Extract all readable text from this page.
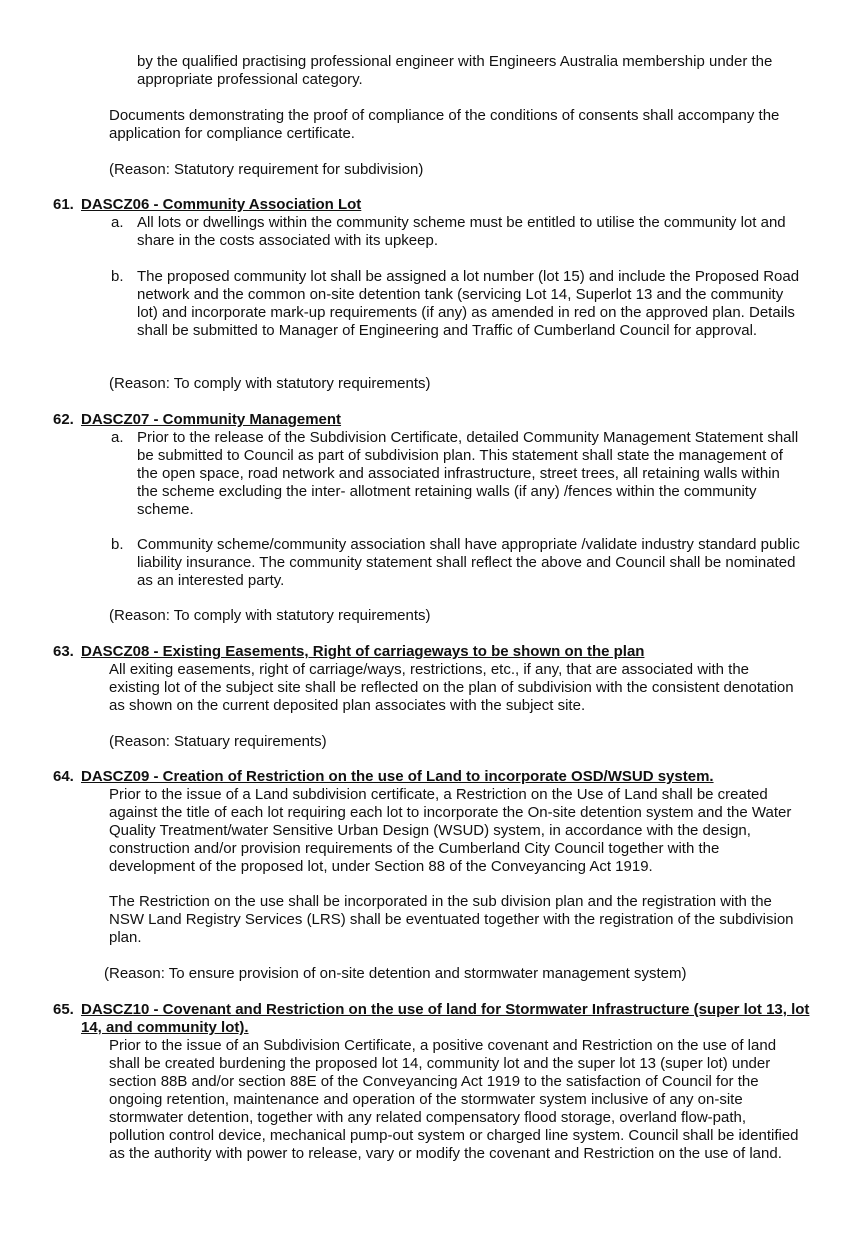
by the qualified practising professional engineer with Engineers Australia membership under the appropriate professional category.

Documents demonstrating the proof of compliance of the conditions of consents shall accompany the application for compliance certificate.

(Reason: Statutory requirement for subdivision)

61. DASCZ06 - Community Association Lot
a. All lots or dwellings within the community scheme must be entitled to utilise the community lot and share in the costs associated with its upkeep.

b. The proposed community lot shall be assigned a lot number (lot 15) and include the Proposed Road network and the common on-site detention tank (servicing Lot 14, Superlot 13 and the community lot) and incorporate mark-up requirements (if any) as amended in red on the approved plan. Details shall be submitted to Manager of Engineering and Traffic of Cumberland Council for approval.

(Reason: To comply with statutory requirements)

62. DASCZ07 - Community Management
a. Prior to the release of the Subdivision Certificate, detailed Community Management Statement shall be submitted to Council as part of subdivision plan. This statement shall state the management of the open space, road network and associated infrastructure, street trees, all retaining walls within the scheme excluding the inter- allotment retaining walls (if any) /fences within the community scheme.

b. Community scheme/community association shall have appropriate /validate industry standard public liability insurance. The community statement shall reflect the above and Council shall be nominated as an interested party.

(Reason: To comply with statutory requirements)

63. DASCZ08 - Existing Easements, Right of carriageways to be shown on the plan

All exiting easements, right of carriage/ways, restrictions, etc., if any, that are associated with the existing lot of the subject site shall be reflected on the plan of subdivision with the consistent denotation as shown on the current deposited plan associates with the subject site.

(Reason: Statuary requirements)

64. DASCZ09 - Creation of Restriction on the use of Land to incorporate OSD/WSUD system.

Prior to the issue of a Land subdivision certificate, a Restriction on the Use of Land shall be created against the title of each lot requiring each lot to incorporate the On-site detention system and the Water Quality Treatment/water Sensitive Urban Design (WSUD) system, in accordance with the design, construction and/or provision requirements of the Cumberland City Council together with the development of the proposed lot, under Section 88 of the Conveyancing Act 1919.

The Restriction on the use shall be incorporated in the sub division plan and the registration with the NSW Land Registry Services (LRS) shall be eventuated together with the registration of the subdivision plan.

(Reason: To ensure provision of on-site detention and stormwater management system)

65. DASCZ10 - Covenant and Restriction on the use of land for Stormwater Infrastructure (super lot 13, lot 14, and community lot).

Prior to the issue of an Subdivision Certificate, a positive covenant and Restriction on the use of land shall be created burdening the proposed lot 14, community lot and the super lot 13 (super lot) under section 88B and/or section 88E of the Conveyancing Act 1919 to the satisfaction of Council for the ongoing retention, maintenance and operation of the stormwater system inclusive of any on-site stormwater detention, together with any related compensatory flood storage, overland flow-path, pollution control device, mechanical pump-out system or charged line system. Council shall be identified as the authority with power to release, vary or modify the covenant and Restriction on the use of land.
